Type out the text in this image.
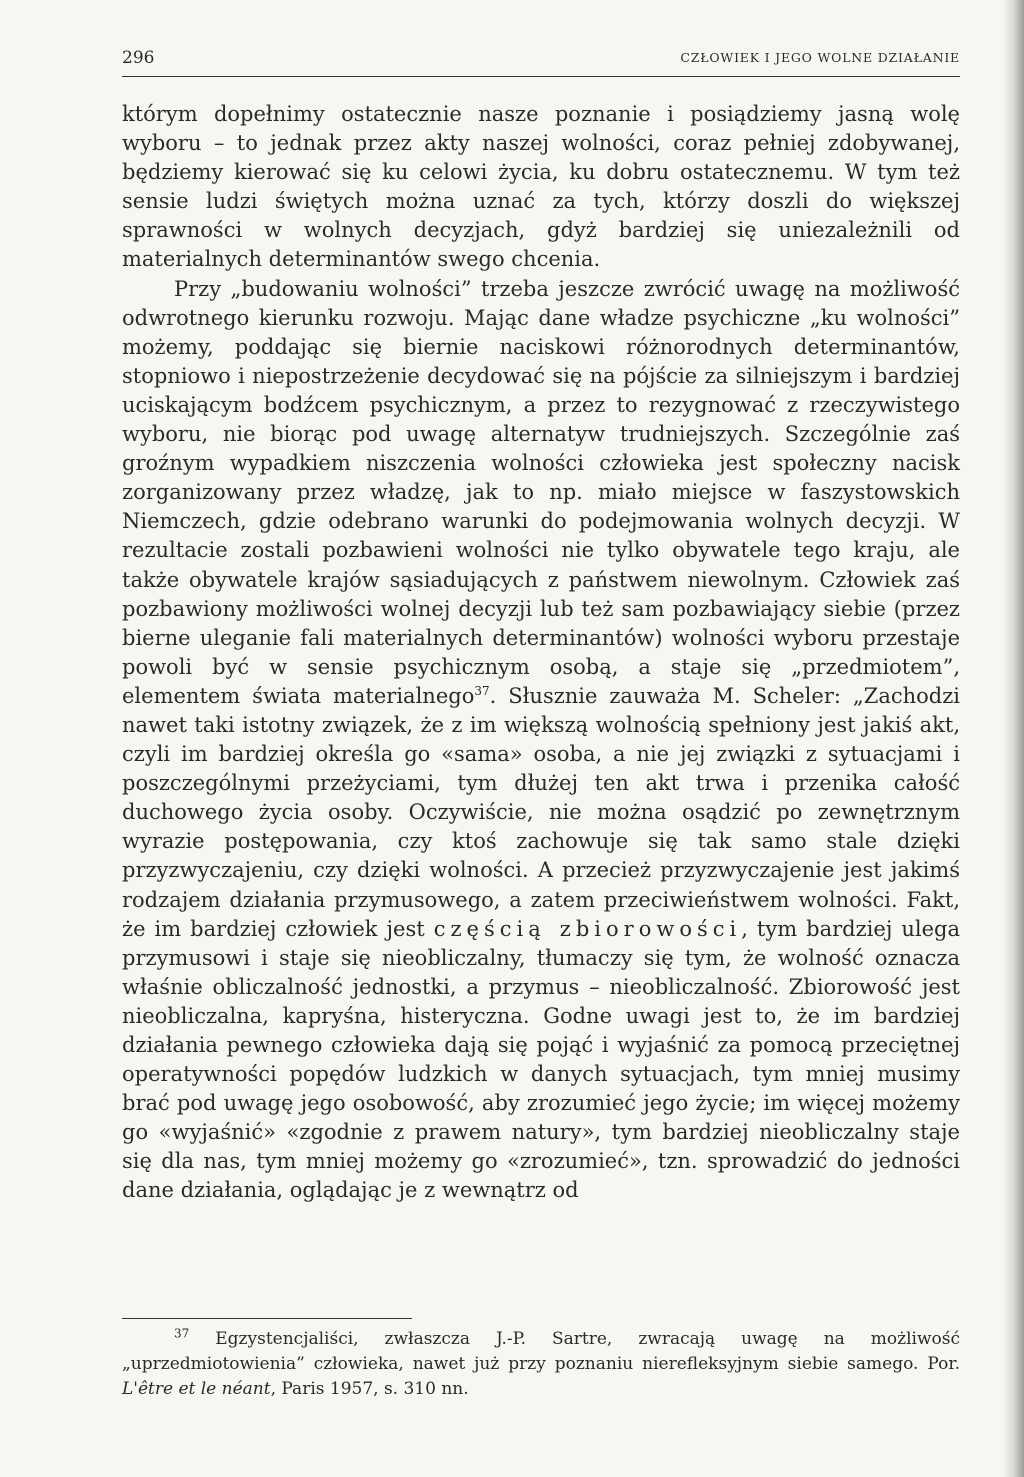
296	CZŁOWIEK I JEGO WOLNE DZIAŁANIE

którym dopełnimy ostatecznie nasze poznanie i posiądziemy jasną wolę wyboru – to jednak przez akty naszej wolności, coraz pełniej zdobywanej, będziemy kierować się ku celowi życia, ku dobru ostatecznemu. W tym też sensie ludzi świętych można uznać za tych, którzy doszli do większej sprawności w wolnych decyzjach, gdyż bardziej się uniezależnili od materialnych determinantów swego chcenia.

Przy „budowaniu wolności” trzeba jeszcze zwrócić uwagę na możliwość odwrotnego kierunku rozwoju. Mając dane władze psychiczne „ku wolności” możemy, poddając się biernie naciskowi różnorodnych determinantów, stopniowo i niepostrzeżenie decydować się na pójście za silniejszym i bardziej uciskającym bodźcem psychicznym, a przez to rezygnować z rzeczywistego wyboru, nie biorąc pod uwagę alternatyw trudniejszych. Szczególnie zaś groźnym wypadkiem niszczenia wolności człowieka jest społeczny nacisk zorganizowany przez władzę, jak to np. miało miejsce w faszystowskich Niemczech, gdzie odebrano warunki do podejmowania wolnych decyzji. W rezultacie zostali pozbawieni wolności nie tylko obywatele tego kraju, ale także obywatele krajów sąsiadujących z państwem niewolnym. Człowiek zaś pozbawiony możliwości wolnej decyzji lub też sam pozbawiający siebie (przez bierne uleganie fali materialnych determinantów) wolności wyboru przestaje powoli być w sensie psychicznym osobą, a staje się „przedmiotem”, elementem świata materialnego$^{37}$. Słusznie zauważa M. Scheler: „Zachodzi nawet taki istotny związek, że z im większą wolnością spełniony jest jakiś akt, czyli im bardziej określa go «sama» osoba, a nie jej związki z sytuacjami i poszczególnymi przeżyciami, tym dłużej ten akt trwa i przenika całość duchowego życia osoby. Oczywiście, nie można osądzić po zewnętrznym wyrazie postępowania, czy ktoś zachowuje się tak samo stale dzięki przyzwyczajeniu, czy dzięki wolności. A przecież przyzwyczajenie jest jakimś rodzajem działania przymusowego, a zatem przeciwieństwem wolności. Fakt, że im bardziej człowiek jest częścią zbiorowości, tym bardziej ulega przymusowi i staje się nieobliczalny, tłumaczy się tym, że wolność oznacza właśnie obliczalność jednostki, a przymus – nieobliczalność. Zbiorowość jest nieobliczalna, kapryśna, histeryczna. Godne uwagi jest to, że im bardziej działania pewnego człowieka dają się pojąć i wyjaśnić za pomocą przeciętnej operatywności popędów ludzkich w danych sytuacjach, tym mniej musimy brać pod uwagę jego osobowość, aby zrozumieć jego życie; im więcej możemy go «wyjaśnić» «zgodnie z prawem natury», tym bardziej nieobliczalny staje się dla nas, tym mniej możemy go «zrozumieć», tzn. sprowadzić do jedności dane działania, oglądając je z wewnątrz od

$^{37}$ Egzystencjaliści, zwłaszcza J.-P. Sartre, zwracają uwagę na możliwość „uprzedmiotowienia” człowieka, nawet już przy poznaniu nierefleksyjnym siebie samego. Por. L'être et le néant, Paris 1957, s. 310 nn.
